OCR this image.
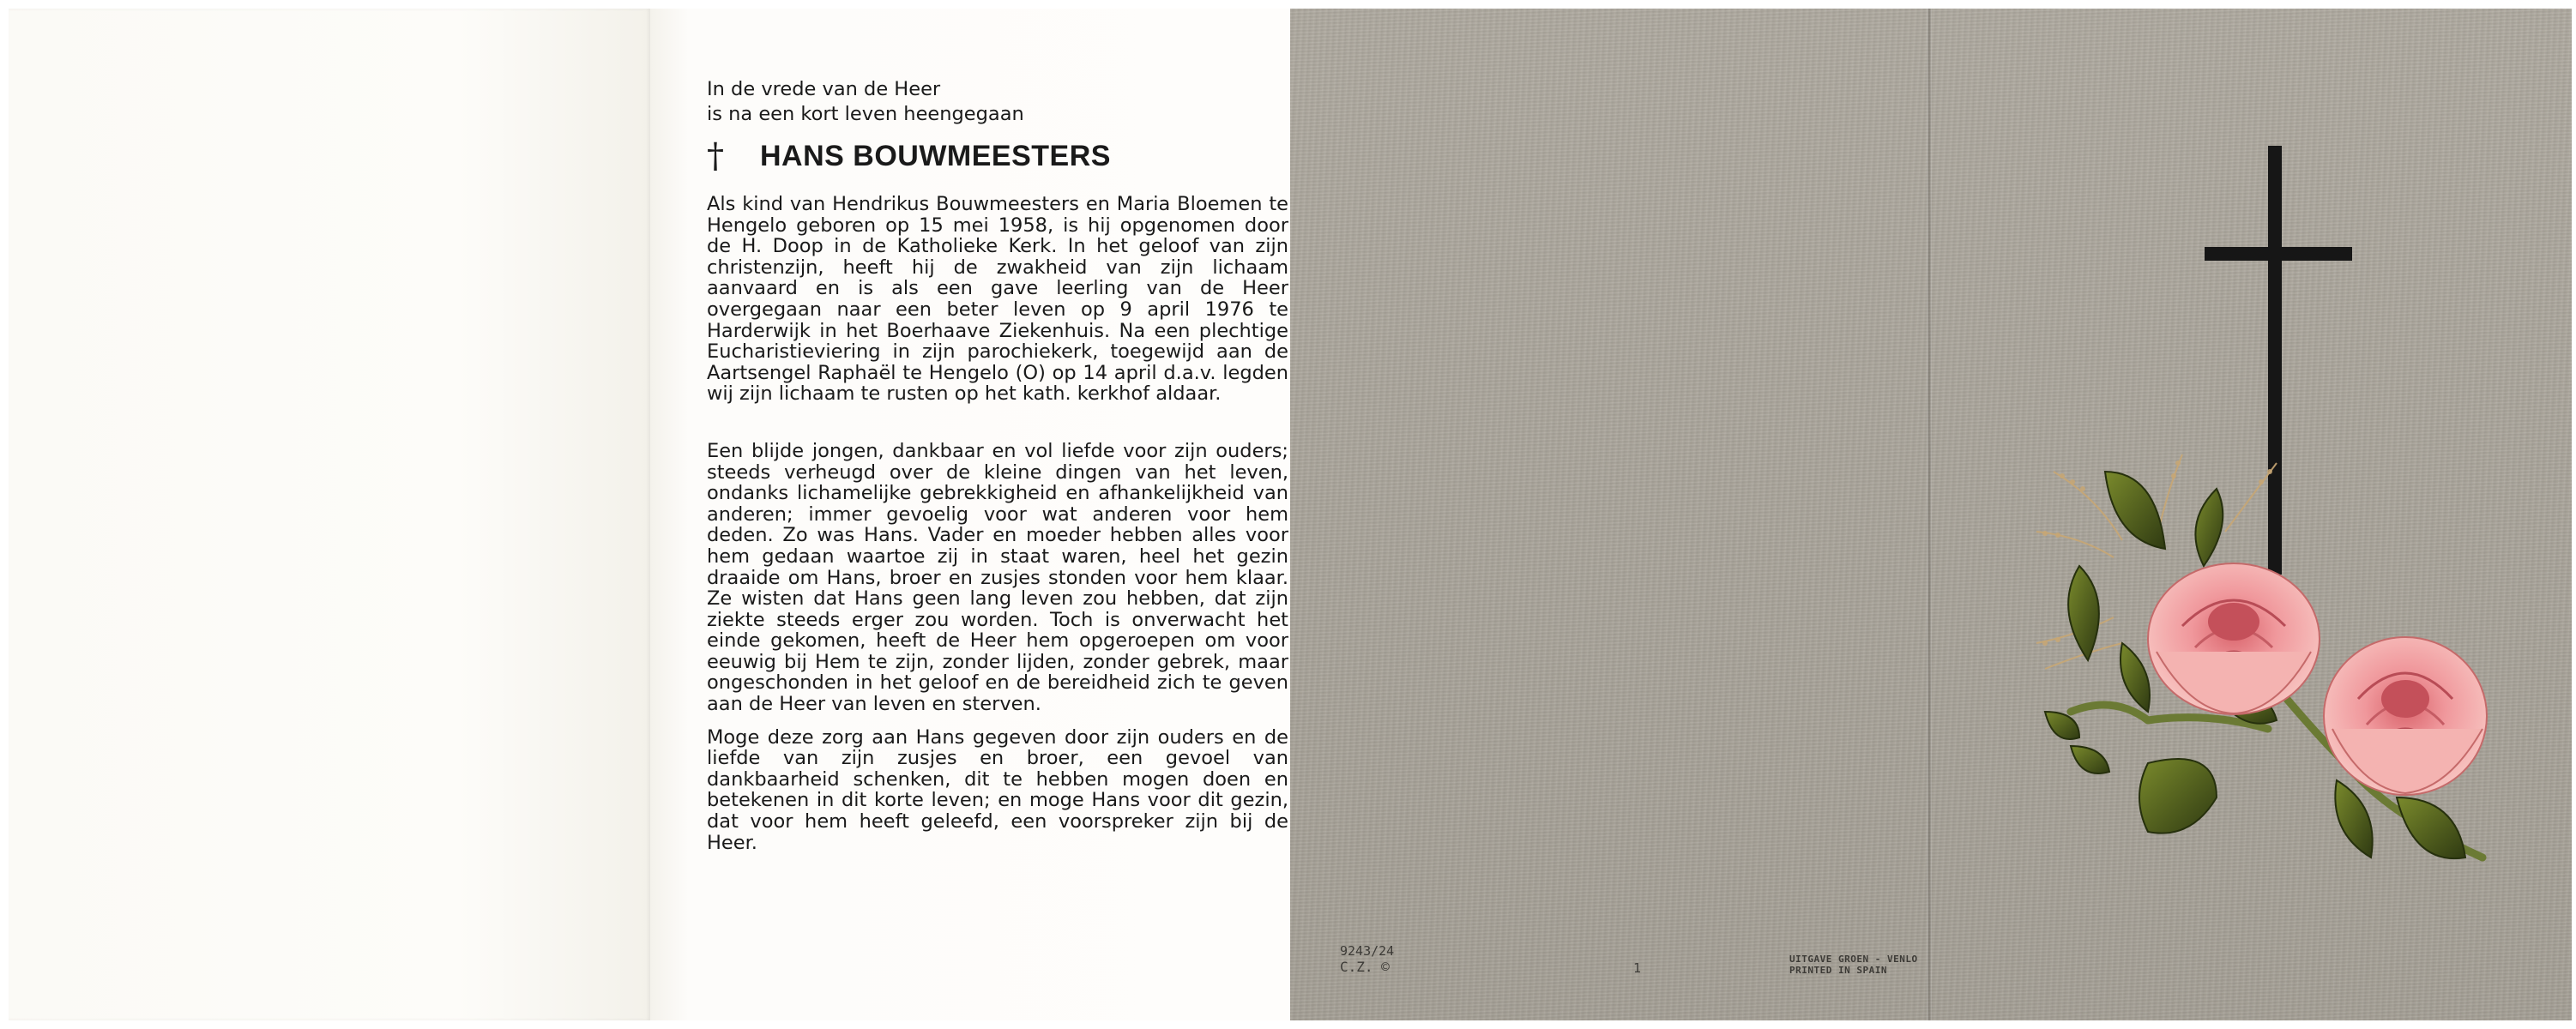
In de vrede van de Heer

is na een kort leven heengegaan

†	HANS BOUWMEESTERS

Als kind van Hendrikus Bouwmeesters en Maria Bloemen te Hengelo geboren op 15 mei 1958, is hij opgenomen door de H. Doop in de Katholieke Kerk. In het geloof van zijn christenzijn, heeft hij de zwakheid van zijn lichaam aanvaard en is als een gave leerling van de Heer overgegaan naar een beter leven op 9 april 1976 te Harderwijk in het Boerhaave Ziekenhuis. Na een plechtige Eucharistieviering in zijn parochiekerk, toegewijd aan de Aartsengel Raphaël te Hengelo (O) op 14 april d.a.v. legden wij zijn lichaam te rusten op het kath. kerkhof aldaar.

Een blijde jongen, dankbaar en vol liefde voor zijn ouders; steeds verheugd over de kleine dingen van het leven, ondanks lichamelijke gebrekkigheid en afhankelijkheid van anderen; immer gevoelig voor wat anderen voor hem deden. Zo was Hans. Vader en moeder hebben alles voor hem gedaan waartoe zij in staat waren, heel het gezin draaide om Hans, broer en zusjes stonden voor hem klaar. Ze wisten dat Hans geen lang leven zou hebben, dat zijn ziekte steeds erger zou worden. Toch is onverwacht het einde gekomen, heeft de Heer hem opgeroepen om voor eeuwig bij Hem te zijn, zonder lijden, zonder gebrek, maar ongeschonden in het geloof en de bereidheid zich te geven aan de Heer van leven en sterven.

Moge deze zorg aan Hans gegeven door zijn ouders en de liefde van zijn zusjes en broer, een gevoel van dankbaarheid schenken, dit te hebben mogen doen en betekenen in dit korte leven; en moge Hans voor dit gezin, dat voor hem heeft geleefd, een voorspreker zijn bij de Heer.

9243/24
C.Z. ©	1
UITGAVE GROEN - VENLO
PRINTED IN SPAIN
